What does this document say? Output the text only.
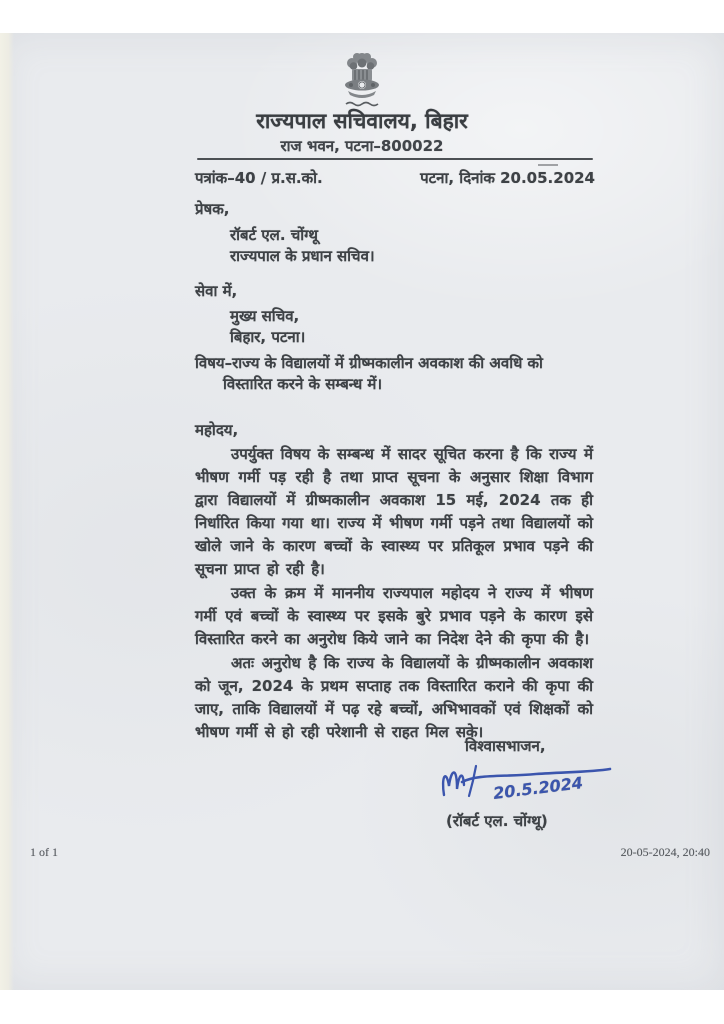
राज्यपाल सचिवालय, बिहार
राज भवन, पटना–800022
पत्रांक–40 / प्र.स.को.	पटना, दिनांक 20.05.2024
प्रेषक,
रॉबर्ट एल. चोंग्थू
राज्यपाल के प्रधान सचिव।
सेवा में,
मुख्य सचिव,
बिहार, पटना।
विषय–राज्य के विद्यालयों में ग्रीष्मकालीन अवकाश की अवधि को
विस्तारित करने के सम्बन्ध में।
महोदय,

उपर्युक्त विषय के सम्बन्ध में सादर सूचित करना है कि राज्य में भीषण गर्मी पड़ रही है तथा प्राप्त सूचना के अनुसार शिक्षा विभाग द्वारा विद्यालयों में ग्रीष्मकालीन अवकाश 15 मई, 2024 तक ही निर्धारित किया गया था। राज्य में भीषण गर्मी पड़ने तथा विद्यालयों को खोले जाने के कारण बच्चों के स्वास्थ्य पर प्रतिकूल प्रभाव पड़ने की सूचना प्राप्त हो रही है।

उक्त के क्रम में माननीय राज्यपाल महोदय ने राज्य में भीषण गर्मी एवं बच्चों के स्वास्थ्य पर इसके बुरे प्रभाव पड़ने के कारण इसे विस्तारित करने का अनुरोध किये जाने का निदेश देने की कृपा की है।

अतः अनुरोध है कि राज्य के विद्यालयों के ग्रीष्मकालीन अवकाश को जून, 2024 के प्रथम सप्ताह तक विस्तारित कराने की कृपा की जाए, ताकि विद्यालयों में पढ़ रहे बच्चों, अभिभावकों एवं शिक्षकों को भीषण गर्मी से हो रही परेशानी से राहत मिल सके।

विश्वासभाजन,
20.5.2024
(रॉबर्ट एल. चोंग्थू)
1 of 1	20-05-2024, 20:40
